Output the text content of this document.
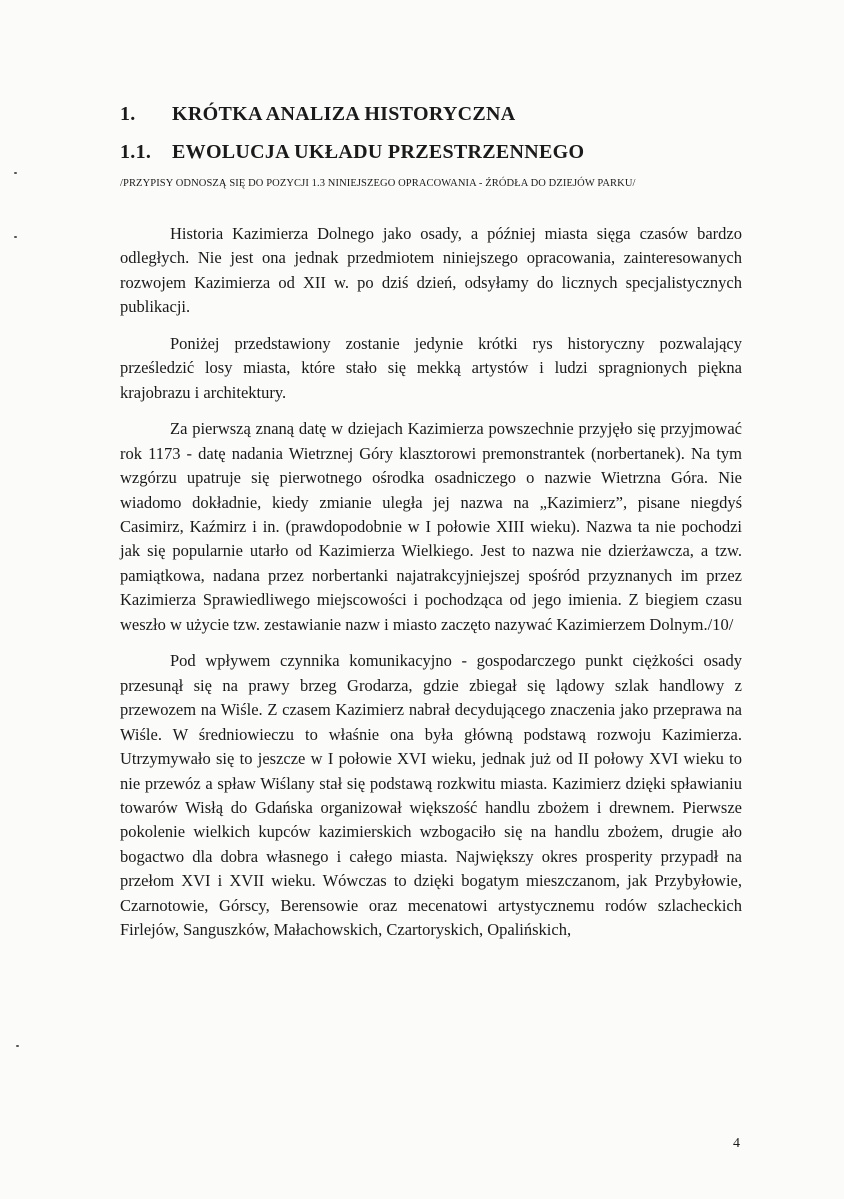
1. KRÓTKA ANALIZA HISTORYCZNA
1.1. EWOLUCJA UKŁADU PRZESTRZENNEGO
/PRZYPISY ODNOSZĄ SIĘ DO POZYCJI 1.3 NINIEJSZEGO OPRACOWANIA - ŹRÓDŁA DO DZIEJÓW PARKU/

Historia Kazimierza Dolnego jako osady, a później miasta sięga czasów bardzo odległych. Nie jest ona jednak przedmiotem niniejszego opracowania, zainteresowanych rozwojem Kazimierza od XII w. po dziś dzień, odsyłamy do licznych specjalistycznych publikacji.

Poniżej przedstawiony zostanie jedynie krótki rys historyczny pozwalający prześledzić losy miasta, które stało się mekką artystów i ludzi spragnionych piękna krajobrazu i architektury.

Za pierwszą znaną datę w dziejach Kazimierza powszechnie przyjęło się przyjmować rok 1173 - datę nadania Wietrznej Góry klasztorowi premonstrantek (norbertanek). Na tym wzgórzu upatruje się pierwotnego ośrodka osadniczego o nazwie Wietrzna Góra. Nie wiadomo dokładnie, kiedy zmianie uległa jej nazwa na „Kazimierz”, pisane niegdyś Casimirz, Kaźmirz i in. (prawdopodobnie w I połowie XIII wieku). Nazwa ta nie pochodzi jak się popularnie utarło od Kazimierza Wielkiego. Jest to nazwa nie dzierżawcza, a tzw. pamiątkowa, nadana przez norbertanki najatrakcyjniejszej spośród przyznanych im przez Kazimierza Sprawiedliwego miejscowości i pochodząca od jego imienia. Z biegiem czasu weszło w użycie tzw. zestawianie nazw i miasto zaczęto nazywać Kazimierzem Dolnym./10/

Pod wpływem czynnika komunikacyjno - gospodarczego punkt ciężkości osady przesunął się na prawy brzeg Grodarza, gdzie zbiegał się lądowy szlak handlowy z przewozem na Wiśle. Z czasem Kazimierz nabrał decydującego znaczenia jako przeprawa na Wiśle. W średniowieczu to właśnie ona była główną podstawą rozwoju Kazimierza. Utrzymywało się to jeszcze w I połowie XVI wieku, jednak już od II połowy XVI wieku to nie przewóz a spław Wiślany stał się podstawą rozkwitu miasta. Kazimierz dzięki spławianiu towarów Wisłą do Gdańska organizował większość handlu zbożem i drewnem. Pierwsze pokolenie wielkich kupców kazimierskich wzbogaciło się na handlu zbożem, drugie ało bogactwo dla dobra własnego i całego miasta. Największy okres prosperity przypadł na przełom XVI i XVII wieku. Wówczas to dzięki bogatym mieszczanom, jak Przybyłowie, Czarnotowie, Górscy, Berensowie oraz mecenatowi artystycznemu rodów szlacheckich Firlejów, Sanguszków, Małachowskich, Czartoryskich, Opalińskich,

4
